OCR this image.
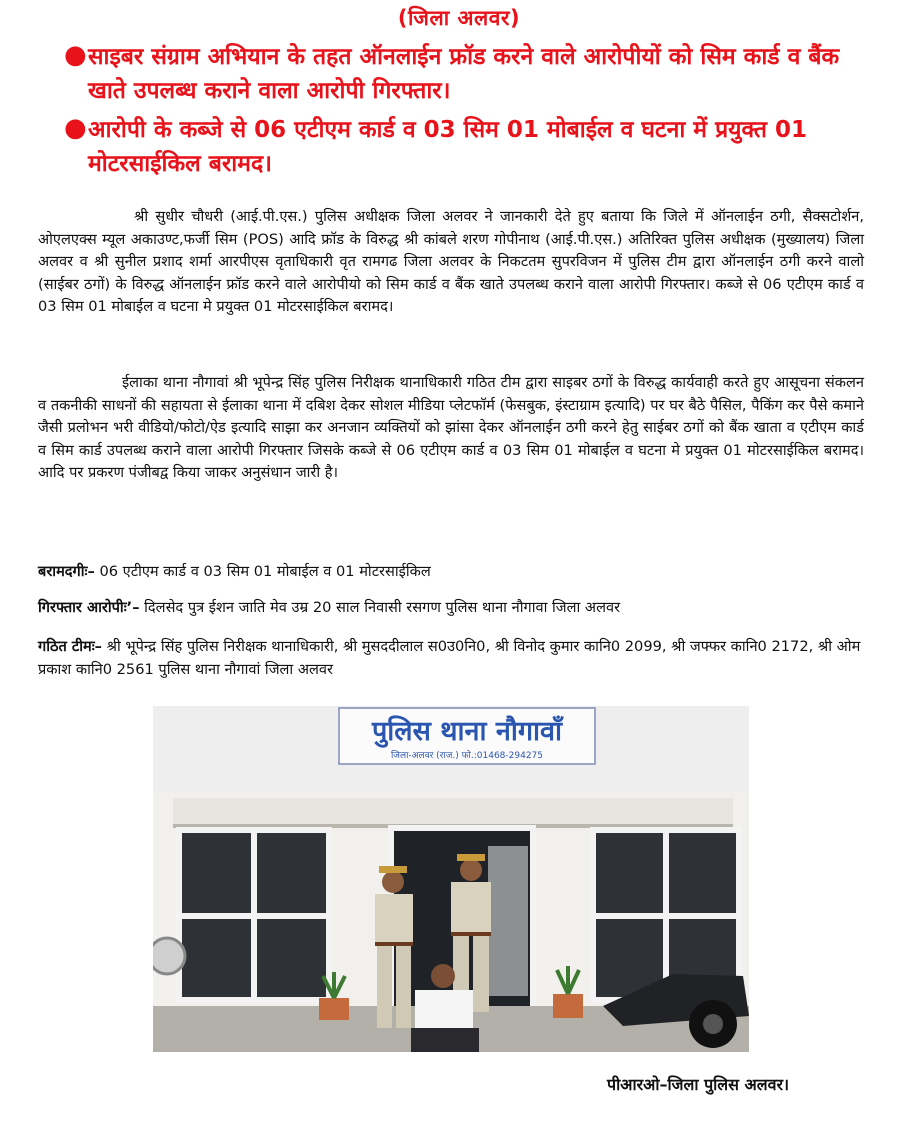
(जिला अलवर)
● साइबर संग्राम अभियान के तहत ऑनलाईन फ्रॉड करने वाले आरोपीयों को सिम कार्ड व बैंक खाते उपलब्ध कराने वाला आरोपी गिरफ्तार।
● आरोपी के कब्जे से 06 एटीएम कार्ड व 03 सिम 01 मोबाईल व घटना में प्रयुक्त 01 मोटरसाईकिल बरामद।
श्री सुधीर चौधरी (आई.पी.एस.) पुलिस अधीक्षक जिला अलवर ने जानकारी देते हुए बताया कि जिले में ऑनलाईन ठगी, सैक्सटोर्शन, ओएलएक्स म्यूल अकाउण्ट,फर्जी सिम (POS) आदि फ्रॉड के विरुद्ध श्री कांबले शरण गोपीनाथ (आई.पी.एस.) अतिरिक्त पुलिस अधीक्षक (मुख्यालय) जिला अलवर व श्री सुनील प्रशाद शर्मा आरपीएस वृताधिकारी वृत रामगढ जिला अलवर के निकटतम सुपरविजन में पुलिस टीम द्वारा ऑनलाईन ठगी करने वालो (साईबर ठगों) के विरुद्ध ऑनलाईन फ्रॉड करने वाले आरोपीयो को सिम कार्ड व बैंक खाते उपलब्ध कराने वाला आरोपी गिरफ्तार। कब्जे से 06 एटीएम कार्ड व 03 सिम 01 मोबाईल व घटना मे प्रयुक्त 01 मोटरसाईकिल बरामद।
ईलाका थाना नौगावां श्री भूपेन्द्र सिंह पुलिस निरीक्षक थानाधिकारी गठित टीम द्वारा साइबर ठगों के विरुद्ध कार्यवाही करते हुए आसूचना संकलन व तकनीकी साधनों की सहायता से ईलाका थाना में दबिश देकर सोशल मीडिया प्लेटफॉर्म (फेसबुक, इंस्टाग्राम इत्यादि) पर घर बैठे पैसिल, पैकिंग कर पैसे कमाने जैसी प्रलोभन भरी वीडियो/फोटो/ऐड इत्यादि साझा कर अनजान व्यक्तियों को झांसा देकर ऑनलाईन ठगी करने हेतु साईबर ठगों को बैंक खाता व एटीएम कार्ड व सिम कार्ड उपलब्ध कराने वाला आरोपी गिरफ्तार जिसके कब्जे से 06 एटीएम कार्ड व 03 सिम 01 मोबाईल व घटना मे प्रयुक्त 01 मोटरसाईकिल बरामद। आदि पर प्रकरण पंजीबद्व किया जाकर अनुसंधान जारी है।
बरामदगीः– 06 एटीएम कार्ड व 03 सिम 01 मोबाईल व 01 मोटरसाईकिल
गिरफ्तार आरोपीः’– दिलसेद पुत्र ईशन जाति मेव उम्र 20 साल निवासी रसगण पुलिस थाना नौगावा जिला अलवर
गठित टीमः– श्री भूपेन्द्र सिंह पुलिस निरीक्षक थानाधिकारी, श्री मुसददीलाल स0उ0नि0, श्री विनोद कुमार कानि0 2099, श्री जफ्फर कानि0 2172, श्री ओम प्रकाश कानि0 2561 पुलिस थाना नौगावां जिला अलवर
पुलिस थाना नौगावाँ
जिला-अलवर (राज.) फो.:01468-294275
पीआरओ–जिला पुलिस अलवर।
